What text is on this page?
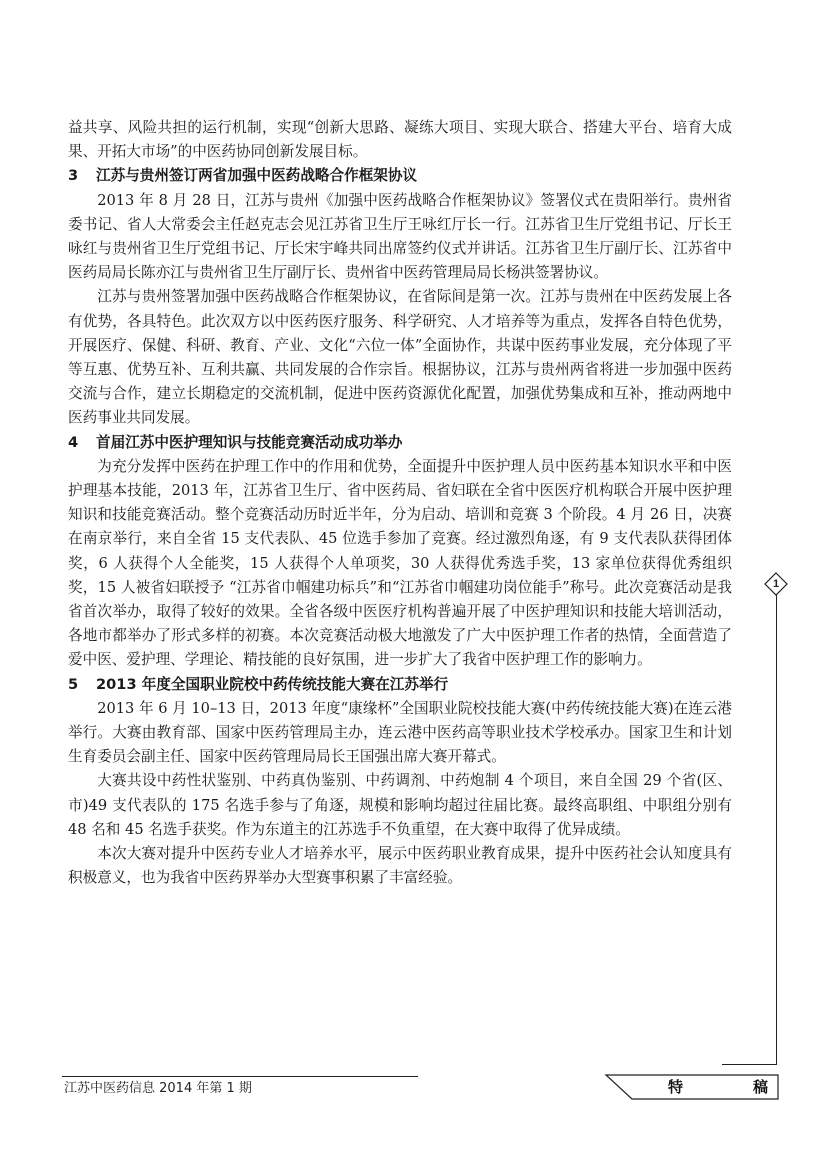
益共享、风险共担的运行机制，实现“创新大思路、凝练大项目、实现大联合、搭建大平台、培育大成果、开拓大市场”的中医药协同创新发展目标。

3 江苏与贵州签订两省加强中医药战略合作框架协议

2013 年 8 月 28 日，江苏与贵州《加强中医药战略合作框架协议》签署仪式在贵阳举行。贵州省委书记、省人大常委会主任赵克志会见江苏省卫生厅王咏红厅长一行。江苏省卫生厅党组书记、厅长王咏红与贵州省卫生厅党组书记、厅长宋宇峰共同出席签约仪式并讲话。江苏省卫生厅副厅长、江苏省中医药局局长陈亦江与贵州省卫生厅副厅长、贵州省中医药管理局局长杨洪签署协议。

江苏与贵州签署加强中医药战略合作框架协议，在省际间是第一次。江苏与贵州在中医药发展上各有优势，各具特色。此次双方以中医药医疗服务、科学研究、人才培养等为重点，发挥各自特色优势，开展医疗、保健、科研、教育、产业、文化“六位一体”全面协作，共谋中医药事业发展，充分体现了平等互惠、优势互补、互利共赢、共同发展的合作宗旨。根据协议，江苏与贵州两省将进一步加强中医药交流与合作，建立长期稳定的交流机制，促进中医药资源优化配置，加强优势集成和互补，推动两地中医药事业共同发展。

4 首届江苏中医护理知识与技能竞赛活动成功举办

为充分发挥中医药在护理工作中的作用和优势，全面提升中医护理人员中医药基本知识水平和中医护理基本技能，2013 年，江苏省卫生厅、省中医药局、省妇联在全省中医医疗机构联合开展中医护理知识和技能竞赛活动。整个竞赛活动历时近半年，分为启动、培训和竞赛 3 个阶段。4 月 26 日，决赛在南京举行，来自全省 15 支代表队、45 位选手参加了竞赛。经过激烈角逐，有 9 支代表队获得团体奖，6 人获得个人全能奖，15 人获得个人单项奖，30 人获得优秀选手奖，13 家单位获得优秀组织奖，15 人被省妇联授予 “江苏省巾帼建功标兵”和“江苏省巾帼建功岗位能手”称号。此次竞赛活动是我省首次举办，取得了较好的效果。全省各级中医医疗机构普遍开展了中医护理知识和技能大培训活动，各地市都举办了形式多样的初赛。本次竞赛活动极大地激发了广大中医护理工作者的热情，全面营造了爱中医、爱护理、学理论、精技能的良好氛围，进一步扩大了我省中医护理工作的影响力。

5 2013 年度全国职业院校中药传统技能大赛在江苏举行

2013 年 6 月 10–13 日，2013 年度“康缘杯”全国职业院校技能大赛(中药传统技能大赛)在连云港举行。大赛由教育部、国家中医药管理局主办，连云港中医药高等职业技术学校承办。国家卫生和计划生育委员会副主任、国家中医药管理局局长王国强出席大赛开幕式。

大赛共设中药性状鉴别、中药真伪鉴别、中药调剂、中药炮制 4 个项目，来自全国 29 个省(区、市)49 支代表队的 175 名选手参与了角逐，规模和影响均超过往届比赛。最终高职组、中职组分别有 48 名和 45 名选手获奖。作为东道主的江苏选手不负重望，在大赛中取得了优异成绩。

本次大赛对提升中医药专业人才培养水平，展示中医药职业教育成果，提升中医药社会认知度具有积极意义，也为我省中医药界举办大型赛事积累了丰富经验。

1
江苏中医药信息 2014 年第 1 期	特	稿
